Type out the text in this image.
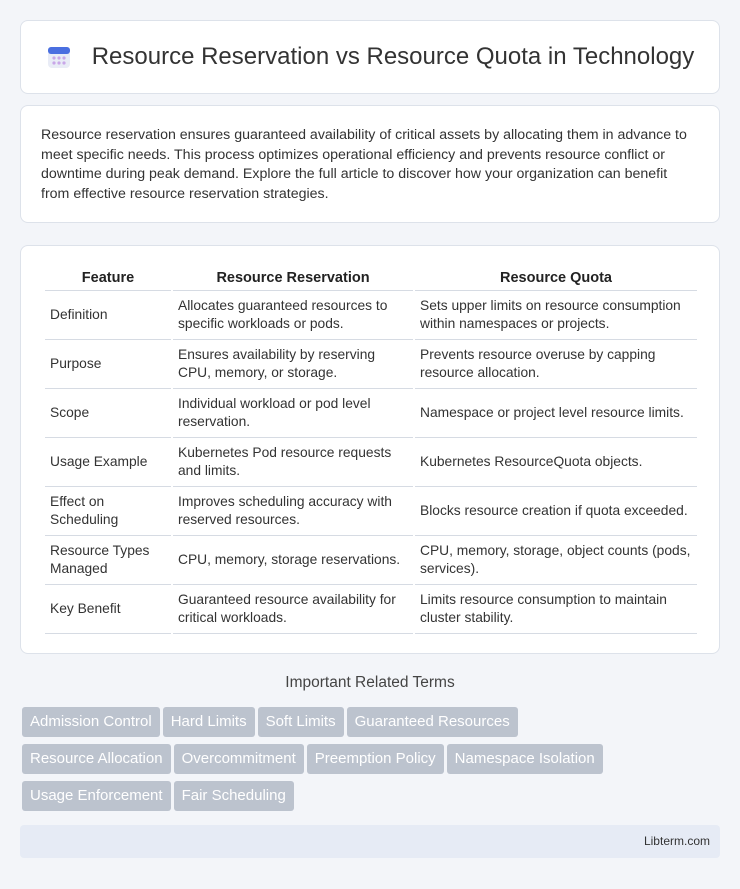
Resource Reservation vs Resource Quota in Technology

Resource reservation ensures guaranteed availability of critical assets by allocating them in advance to meet specific needs. This process optimizes operational efficiency and prevents resource conflict or downtime during peak demand. Explore the full article to discover how your organization can benefit from effective resource reservation strategies.

Feature	Resource Reservation	Resource Quota
Definition	Allocates guaranteed resources to specific workloads or pods.	Sets upper limits on resource consumption within namespaces or projects.
Purpose	Ensures availability by reserving CPU, memory, or storage.	Prevents resource overuse by capping resource allocation.
Scope	Individual workload or pod level reservation.	Namespace or project level resource limits.
Usage Example	Kubernetes Pod resource requests and limits.	Kubernetes ResourceQuota objects.
Effect on Scheduling	Improves scheduling accuracy with reserved resources.	Blocks resource creation if quota exceeded.
Resource Types Managed	CPU, memory, storage reservations.	CPU, memory, storage, object counts (pods, services).
Key Benefit	Guaranteed resource availability for critical workloads.	Limits resource consumption to maintain cluster stability.
Important Related Terms
Admission Control Hard Limits Soft Limits Guaranteed Resources
Resource Allocation Overcommitment Preemption Policy Namespace Isolation
Usage Enforcement Fair Scheduling
Libterm.com
